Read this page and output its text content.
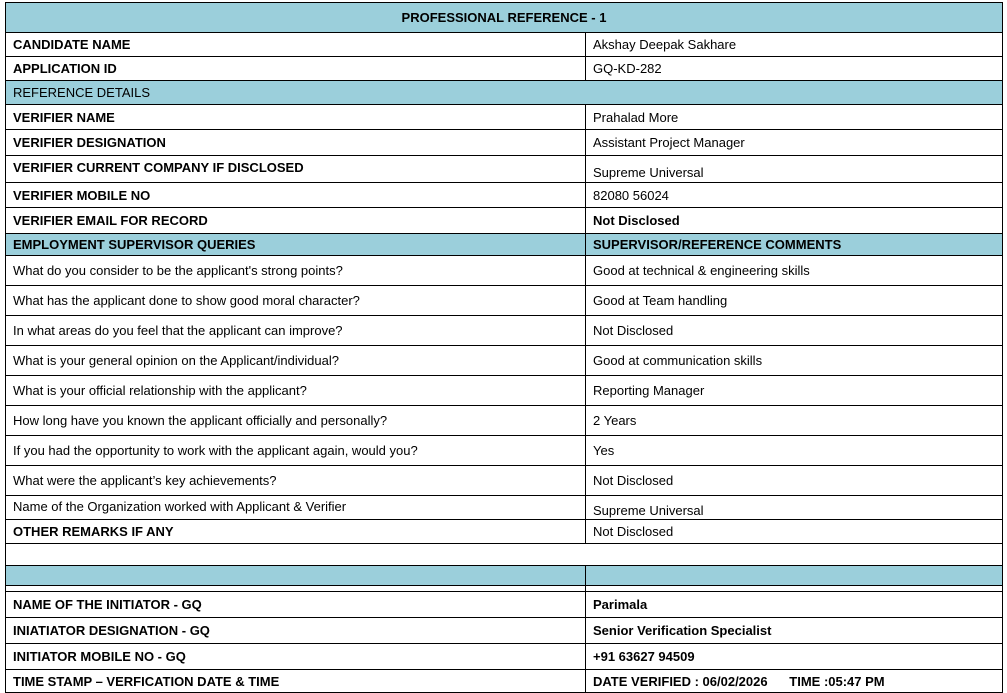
PROFESSIONAL REFERENCE - 1
CANDIDATE NAME	Akshay Deepak Sakhare
APPLICATION ID	GQ-KD-282
REFERENCE DETAILS
VERIFIER NAME	Prahalad More
VERIFIER DESIGNATION	Assistant Project Manager
VERIFIER CURRENT COMPANY IF DISCLOSED	Supreme Universal
VERIFIER MOBILE NO	82080 56024
VERIFIER EMAIL FOR RECORD	Not Disclosed
EMPLOYMENT SUPERVISOR QUERIES	SUPERVISOR/REFERENCE COMMENTS
What do you consider to be the applicant's strong points?	Good at technical & engineering skills
What has the applicant done to show good moral character?	Good at Team handling
In what areas do you feel that the applicant can improve?	Not Disclosed
What is your general opinion on the Applicant/individual?	Good at communication skills
What is your official relationship with the applicant?	Reporting Manager
How long have you known the applicant officially and personally?	2 Years
If you had the opportunity to work with the applicant again, would you?	Yes
What were the applicant’s key achievements?	Not Disclosed
Name of the Organization worked with Applicant & Verifier	Supreme Universal
OTHER REMARKS IF ANY	Not Disclosed
NAME OF THE INITIATOR - GQ	Parimala
INIATIATOR DESIGNATION - GQ	Senior Verification Specialist
INITIATOR MOBILE NO - GQ	+91 63627 94509
TIME STAMP – VERFICATION DATE & TIME	DATE VERIFIED : 06/02/2026      TIME :05:47 PM
